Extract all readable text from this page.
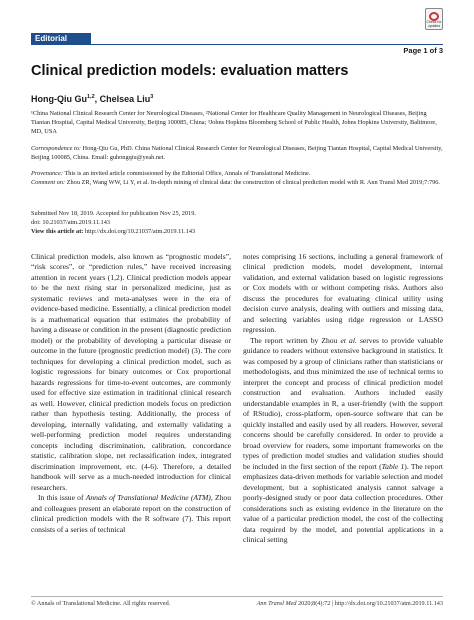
Check for updates
Editorial
Page 1 of 3
Clinical prediction models: evaluation matters
Hong-Qiu Gu$^{1,2}$, Chelsea Liu$^3$
¹China National Clinical Research Center for Neurological Diseases, ²National Center for Healthcare Quality Management in Neurological Diseases, Beijing Tiantan Hospital, Capital Medical University, Beijing 100085, China; ³Johns Hopkins Bloomberg School of Public Health, Johns Hopkins University, Baltimore, MD, USA
Correspondence to: Hong-Qiu Gu, PhD. China National Clinical Research Center for Neurological Diseases, Beijing Tiantan Hospital, Capital Medical University, Beijing 100085, China. Email: guhongqiu@yeah.net.
Provenance: This is an invited article commissioned by the Editorial Office, Annals of Translational Medicine.
Comment on: Zhou ZR, Wang WW, Li Y, et al. In-depth mining of clinical data: the construction of clinical prediction model with R. Ann Transl Med 2019;7:796.
Submitted Nov 18, 2019. Accepted for publication Nov 25, 2019.
doi: 10.21037/atm.2019.11.143
View this article at: http://dx.doi.org/10.21037/atm.2019.11.143

Clinical prediction models, also known as “prognostic models”, “risk scores”, or “prediction rules,” have received increasing attention in recent years (1,2). Clinical prediction models appear to be the next rising star in personalized medicine, just as systematic reviews and meta-analyses were in the era of evidence-based medicine. Essentially, a clinical prediction model is a mathematical equation that estimates the probability of having a disease or condition in the present (diagnostic prediction model) or the probability of developing a particular disease or outcome in the future (prognostic prediction model) (3). The core techniques for developing a clinical prediction model, such as logistic regressions for binary outcomes or Cox proportional hazards regressions for time-to-event outcomes, are commonly used for effective size estimation in traditional clinical research as well. However, clinical prediction models focus on prediction rather than hypothesis testing. Additionally, the process of developing, internally validating, and externally validating a well-performing prediction model requires understanding concepts including discrimination, calibration, concordance statistic, calibration slope, net reclassification index, integrated discrimination improvement, etc. (4-6). Therefore, a detailed handbook will serve as a much-needed introduction for clinical researchers.

In this issue of Annals of Translational Medicine (ATM), Zhou and colleagues present an elaborate report on the construction of clinical prediction models with the R software (7). This report consists of a series of technical

notes comprising 16 sections, including a general framework of clinical prediction models, model development, internal validation, and external validation based on logistic regressions or Cox models with or without competing risks. Authors also discuss the procedures for evaluating clinical utility using decision curve analysis, dealing with outliers and missing data, and selecting variables using ridge regression or LASSO regression.

The report written by Zhou et al. serves to provide valuable guidance to readers without extensive background in statistics. It was composed by a group of clinicians rather than statisticians or methodologists, and thus minimized the use of technical terms to interpret the concept and process of clinical prediction model construction and evaluation. Authors included easily understandable examples in R, a user-friendly (with the support of RStudio), cross-platform, open-source software that can be quickly installed and easily used by all readers. However, several concerns should be carefully considered. In order to provide a broad overview for readers, some important frameworks on the types of prediction model studies and validation studies should be included in the first section of the report (Table 1). The report emphasizes data-driven methods for variable selection and model development, but a sophisticated analysis cannot salvage a poorly-designed study or poor data collection procedures. Other considerations such as existing evidence in the literature on the value of a particular prediction model, the cost of the collecting data required by the model, and potential applications in a clinical setting

© Annals of Translational Medicine. All rights reserved.	Ann Transl Med 2020;8(4):72 | http://dx.doi.org/10.21037/atm.2019.11.143
